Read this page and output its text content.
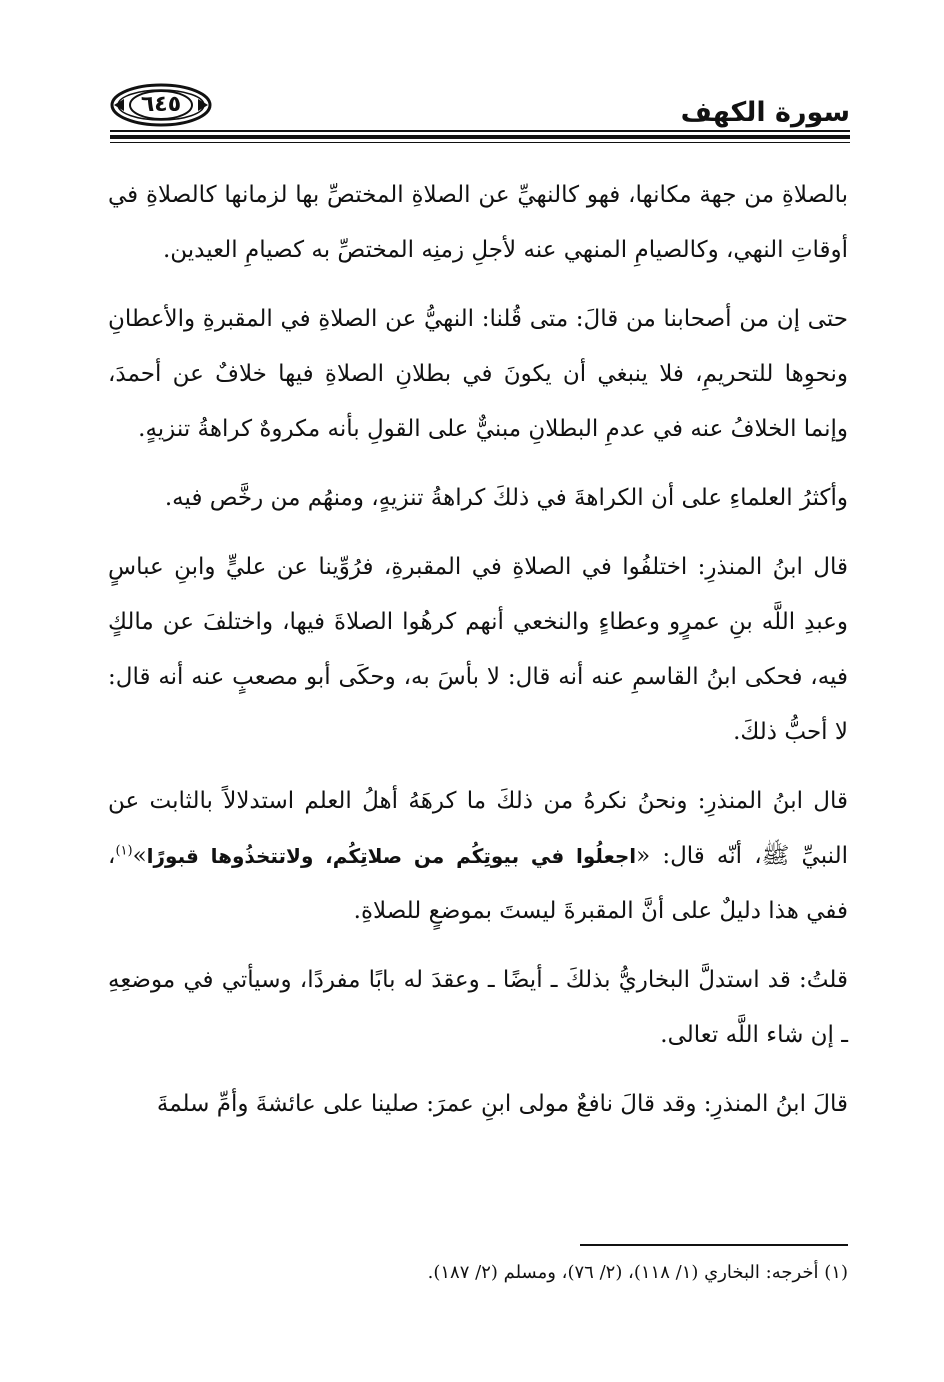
سورة الكهف
٦٤٥

بالصلاةِ من جهة مكانها، فهو كالنهيِّ عن الصلاةِ المختصِّ بها لزمانها كالصلاةِ في أوقاتِ النهي، وكالصيامِ المنهي عنه لأجلِ زمنِه المختصِّ به كصيامِ العيدين.

حتى إن من أصحابنا من قالَ: متى قُلنا: النهيُّ عن الصلاةِ في المقبرةِ والأعطانِ ونحوِها للتحريمِ، فلا ينبغي أن يكونَ في بطلانِ الصلاةِ فيها خلافٌ عن أحمدَ، وإنما الخلافُ عنه في عدمِ البطلانِ مبنيٌّ على القولِ بأنه مكروهٌ كراهةُ تنزيهٍ.

وأكثرُ العلماءِ على أن الكراهةَ في ذلكَ كراهةُ تنزيهٍ، ومنهُم من رخَّص فيه.

قال ابنُ المنذرِ: اختلفُوا في الصلاةِ في المقبرةِ، فرُوِّينا عن عليٍّ وابنِ عباسٍ وعبدِ اللَّه بنِ عمرٍو وعطاءٍ والنخعي أنهم كرهُوا الصلاةَ فيها، واختلفَ عن مالكٍ فيه، فحكى ابنُ القاسمِ عنه أنه قال: لا بأسَ به، وحكَى أبو مصعبٍ عنه أنه قال: لا أحبُّ ذلكَ.

قال ابنُ المنذرِ: ونحنُ نكرهُ من ذلكَ ما كرهَهُ أهلُ العلم استدلالاً بالثابت عن النبيِّ ﷺ، أنّه قال: «اجعلُوا في بيوتِكُم من صلاتِكُم، ولاتتخذُوها قبورًا»$^{(١)}$، ففي هذا دليلٌ على أنَّ المقبرةَ ليستَ بموضعٍ للصلاةِ.

قلتُ: قد استدلَّ البخاريُّ بذلكَ ـ أيضًا ـ وعقدَ له بابًا مفردًا، وسيأتي في موضعِهِ ـ إن شاء اللَّه تعالى.

قالَ ابنُ المنذرِ: وقد قالَ نافعٌ مولى ابنِ عمرَ: صلينا على عائشةَ وأمِّ سلمةَ

(١) أخرجه: البخاري (١/ ١١٨)، (٢/ ٧٦)، ومسلم (٢/ ١٨٧).
